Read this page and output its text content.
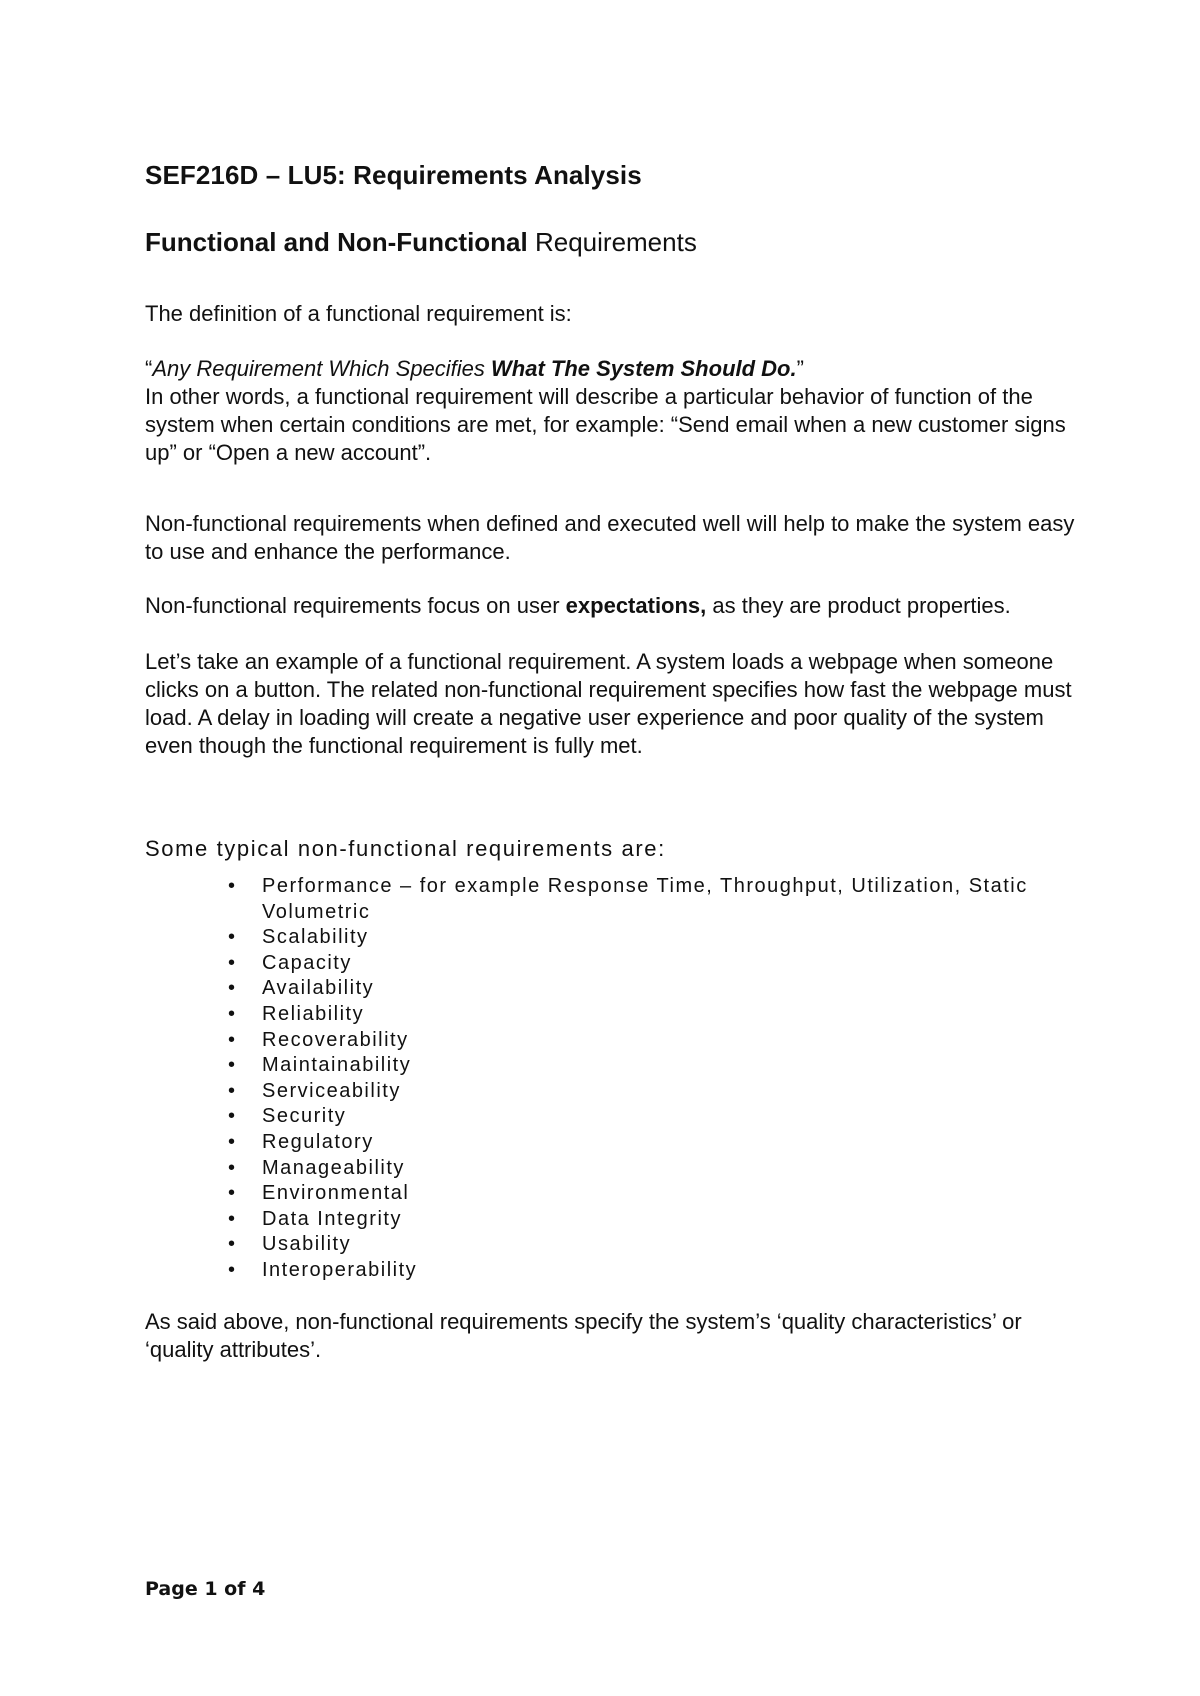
SEF216D – LU5: Requirements Analysis
Functional and Non-Functional Requirements

The definition of a functional requirement is:

“Any Requirement Which Specifies What The System Should Do.”

In other words, a functional requirement will describe a particular behavior of function of the system when certain conditions are met, for example: “Send email when a new customer signs up” or “Open a new account”.

Non-functional requirements when defined and executed well will help to make the system easy to use and enhance the performance.

Non-functional requirements focus on user expectations, as they are product properties.

Let’s take an example of a functional requirement. A system loads a webpage when someone clicks on a button. The related non-functional requirement specifies how fast the webpage must load. A delay in loading will create a negative user experience and poor quality of the system even though the functional requirement is fully met.

Some typical non-functional requirements are:

• Performance – for example Response Time, Throughput, Utilization, Static Volumetric
• Scalability
• Capacity
• Availability
• Reliability
• Recoverability
• Maintainability
• Serviceability
• Security
• Regulatory
• Manageability
• Environmental
• Data Integrity
• Usability
• Interoperability

As said above, non-functional requirements specify the system’s ‘quality characteristics’ or ‘quality attributes’.

Page 1 of 4
